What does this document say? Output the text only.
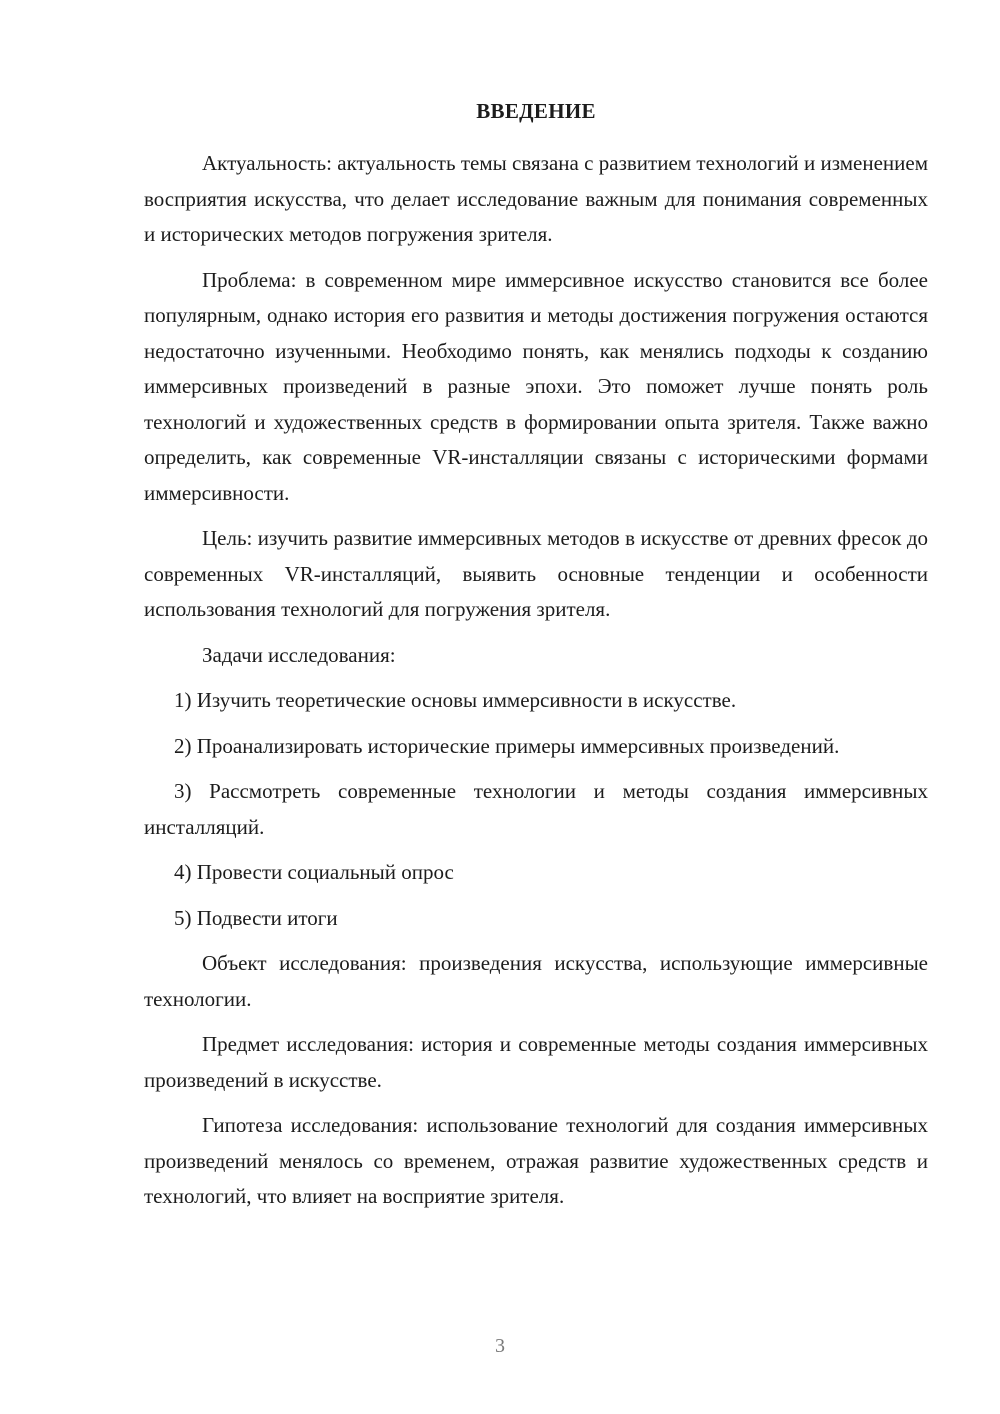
ВВЕДЕНИЕ

Актуальность: актуальность темы связана с развитием технологий и изменением восприятия искусства, что делает исследование важным для понимания современных и исторических методов погружения зрителя.

Проблема: в современном мире иммерсивное искусство становится все более популярным, однако история его развития и методы достижения погружения остаются недостаточно изученными. Необходимо понять, как менялись подходы к созданию иммерсивных произведений в разные эпохи. Это поможет лучше понять роль технологий и художественных средств в формировании опыта зрителя. Также важно определить, как современные VR-инсталляции связаны с историческими формами иммерсивности.

Цель: изучить развитие иммерсивных методов в искусстве от древних фресок до современных VR-инсталляций, выявить основные тенденции и особенности использования технологий для погружения зрителя.

Задачи исследования:

1) Изучить теоретические основы иммерсивности в искусстве.

2) Проанализировать исторические примеры иммерсивных произведений.

3) Рассмотреть современные технологии и методы создания иммерсивных инсталляций.

4) Провести социальный опрос

5) Подвести итоги

Объект исследования: произведения искусства, использующие иммерсивные технологии.

Предмет исследования: история и современные методы создания иммерсивных произведений в искусстве.

Гипотеза исследования: использование технологий для создания иммерсивных произведений менялось со временем, отражая развитие художественных средств и технологий, что влияет на восприятие зрителя.

3
